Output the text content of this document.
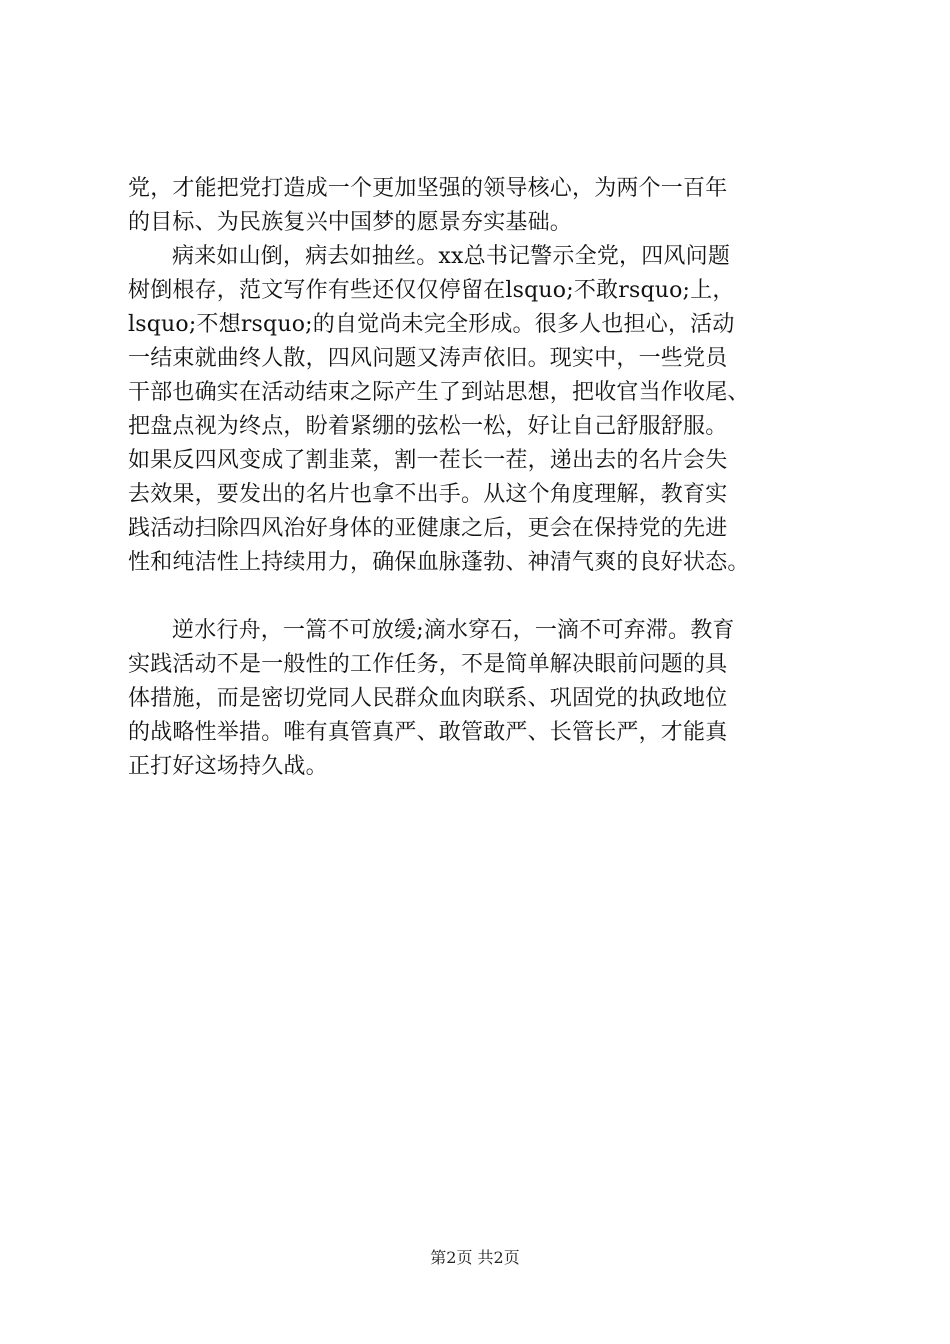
党，才能把党打造成一个更加坚强的领导核心，为两个一百年
的目标、为民族复兴中国梦的愿景夯实基础。
病来如山倒，病去如抽丝。xx总书记警示全党，四风问题
树倒根存，范文写作有些还仅仅停留在lsquo;不敢rsquo;上，
lsquo;不想rsquo;的自觉尚未完全形成。很多人也担心，活动
一结束就曲终人散，四风问题又涛声依旧。现实中，一些党员
干部也确实在活动结束之际产生了到站思想，把收官当作收尾、
把盘点视为终点，盼着紧绷的弦松一松，好让自己舒服舒服。
如果反四风变成了割韭菜，割一茬长一茬，递出去的名片会失
去效果，要发出的名片也拿不出手。从这个角度理解，教育实
践活动扫除四风治好身体的亚健康之后，更会在保持党的先进
性和纯洁性上持续用力，确保血脉蓬勃、神清气爽的良好状态。
逆水行舟，一篙不可放缓;滴水穿石，一滴不可弃滞。教育
实践活动不是一般性的工作任务，不是简单解决眼前问题的具
体措施，而是密切党同人民群众血肉联系、巩固党的执政地位
的战略性举措。唯有真管真严、敢管敢严、长管长严，才能真
正打好这场持久战。
第2页 共2页
